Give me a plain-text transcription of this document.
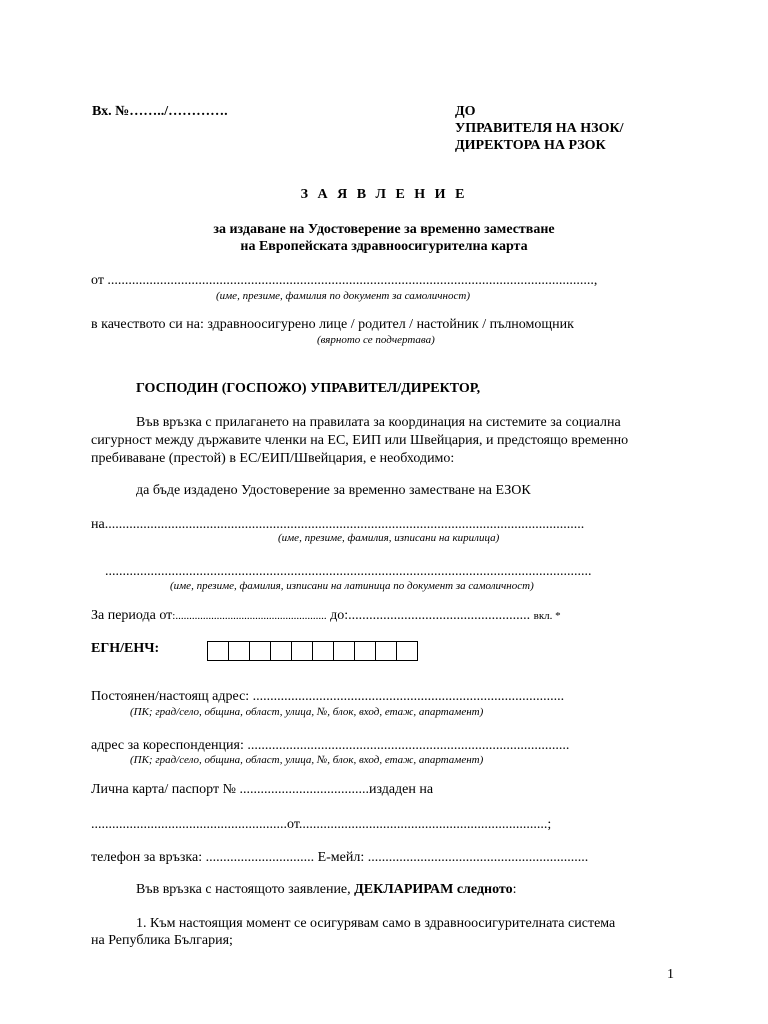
Вх. №……../………….	ДО
УПРАВИТЕЛЯ НА НЗОК/
ДИРЕКТОРА НА РЗОК
З А Я В Л Е Н И Е
за издаване на Удостоверение за временно заместване
на Европейската здравноосигурителна карта
от ...........................................................................................................................................,
(име, презиме, фамилия по документ за самоличност)
в качеството си на: здравноосигурено лице / родител / настойник / пълномощник
(вярното се подчертава)
ГОСПОДИН (ГОСПОЖО) УПРАВИТЕЛ/ДИРЕКТОР,
Във връзка с прилагането на правилата за координация на системите за социална
сигурност между държавите членки на ЕС, ЕИП или Швейцария, и предстоящо временно
пребиваване (престой) в ЕС/ЕИП/Швейцария, е необходимо:
да бъде издадено Удостоверение за временно заместване на ЕЗОК
на.........................................................................................................................................
(име, презиме, фамилия, изписани на кирилица)
...........................................................................................................................................
(име, презиме, фамилия, изписани на латиница по документ за самоличност)
За периода от:....................................................... до:.................................................... вкл. *
ЕГН/ЕНЧ:
Постоянен/настоящ адрес: .........................................................................................
(ПК; град/село, община, област, улица, №, блок, вход, етаж, апартамент)
адрес за кореспонденция: ............................................................................................
(ПК; град/село, община, област, улица, №, блок, вход, етаж, апартамент)
Лична карта/ паспорт № .....................................издаден на
........................................................от.......................................................................;
телефон за връзка: ............................... Е-мейл: ...............................................................
Във връзка с настоящото заявление, ДЕКЛАРИРАМ следното:
1. Към настоящия момент се осигурявам само в здравноосигурителната система
на Република България;
1
